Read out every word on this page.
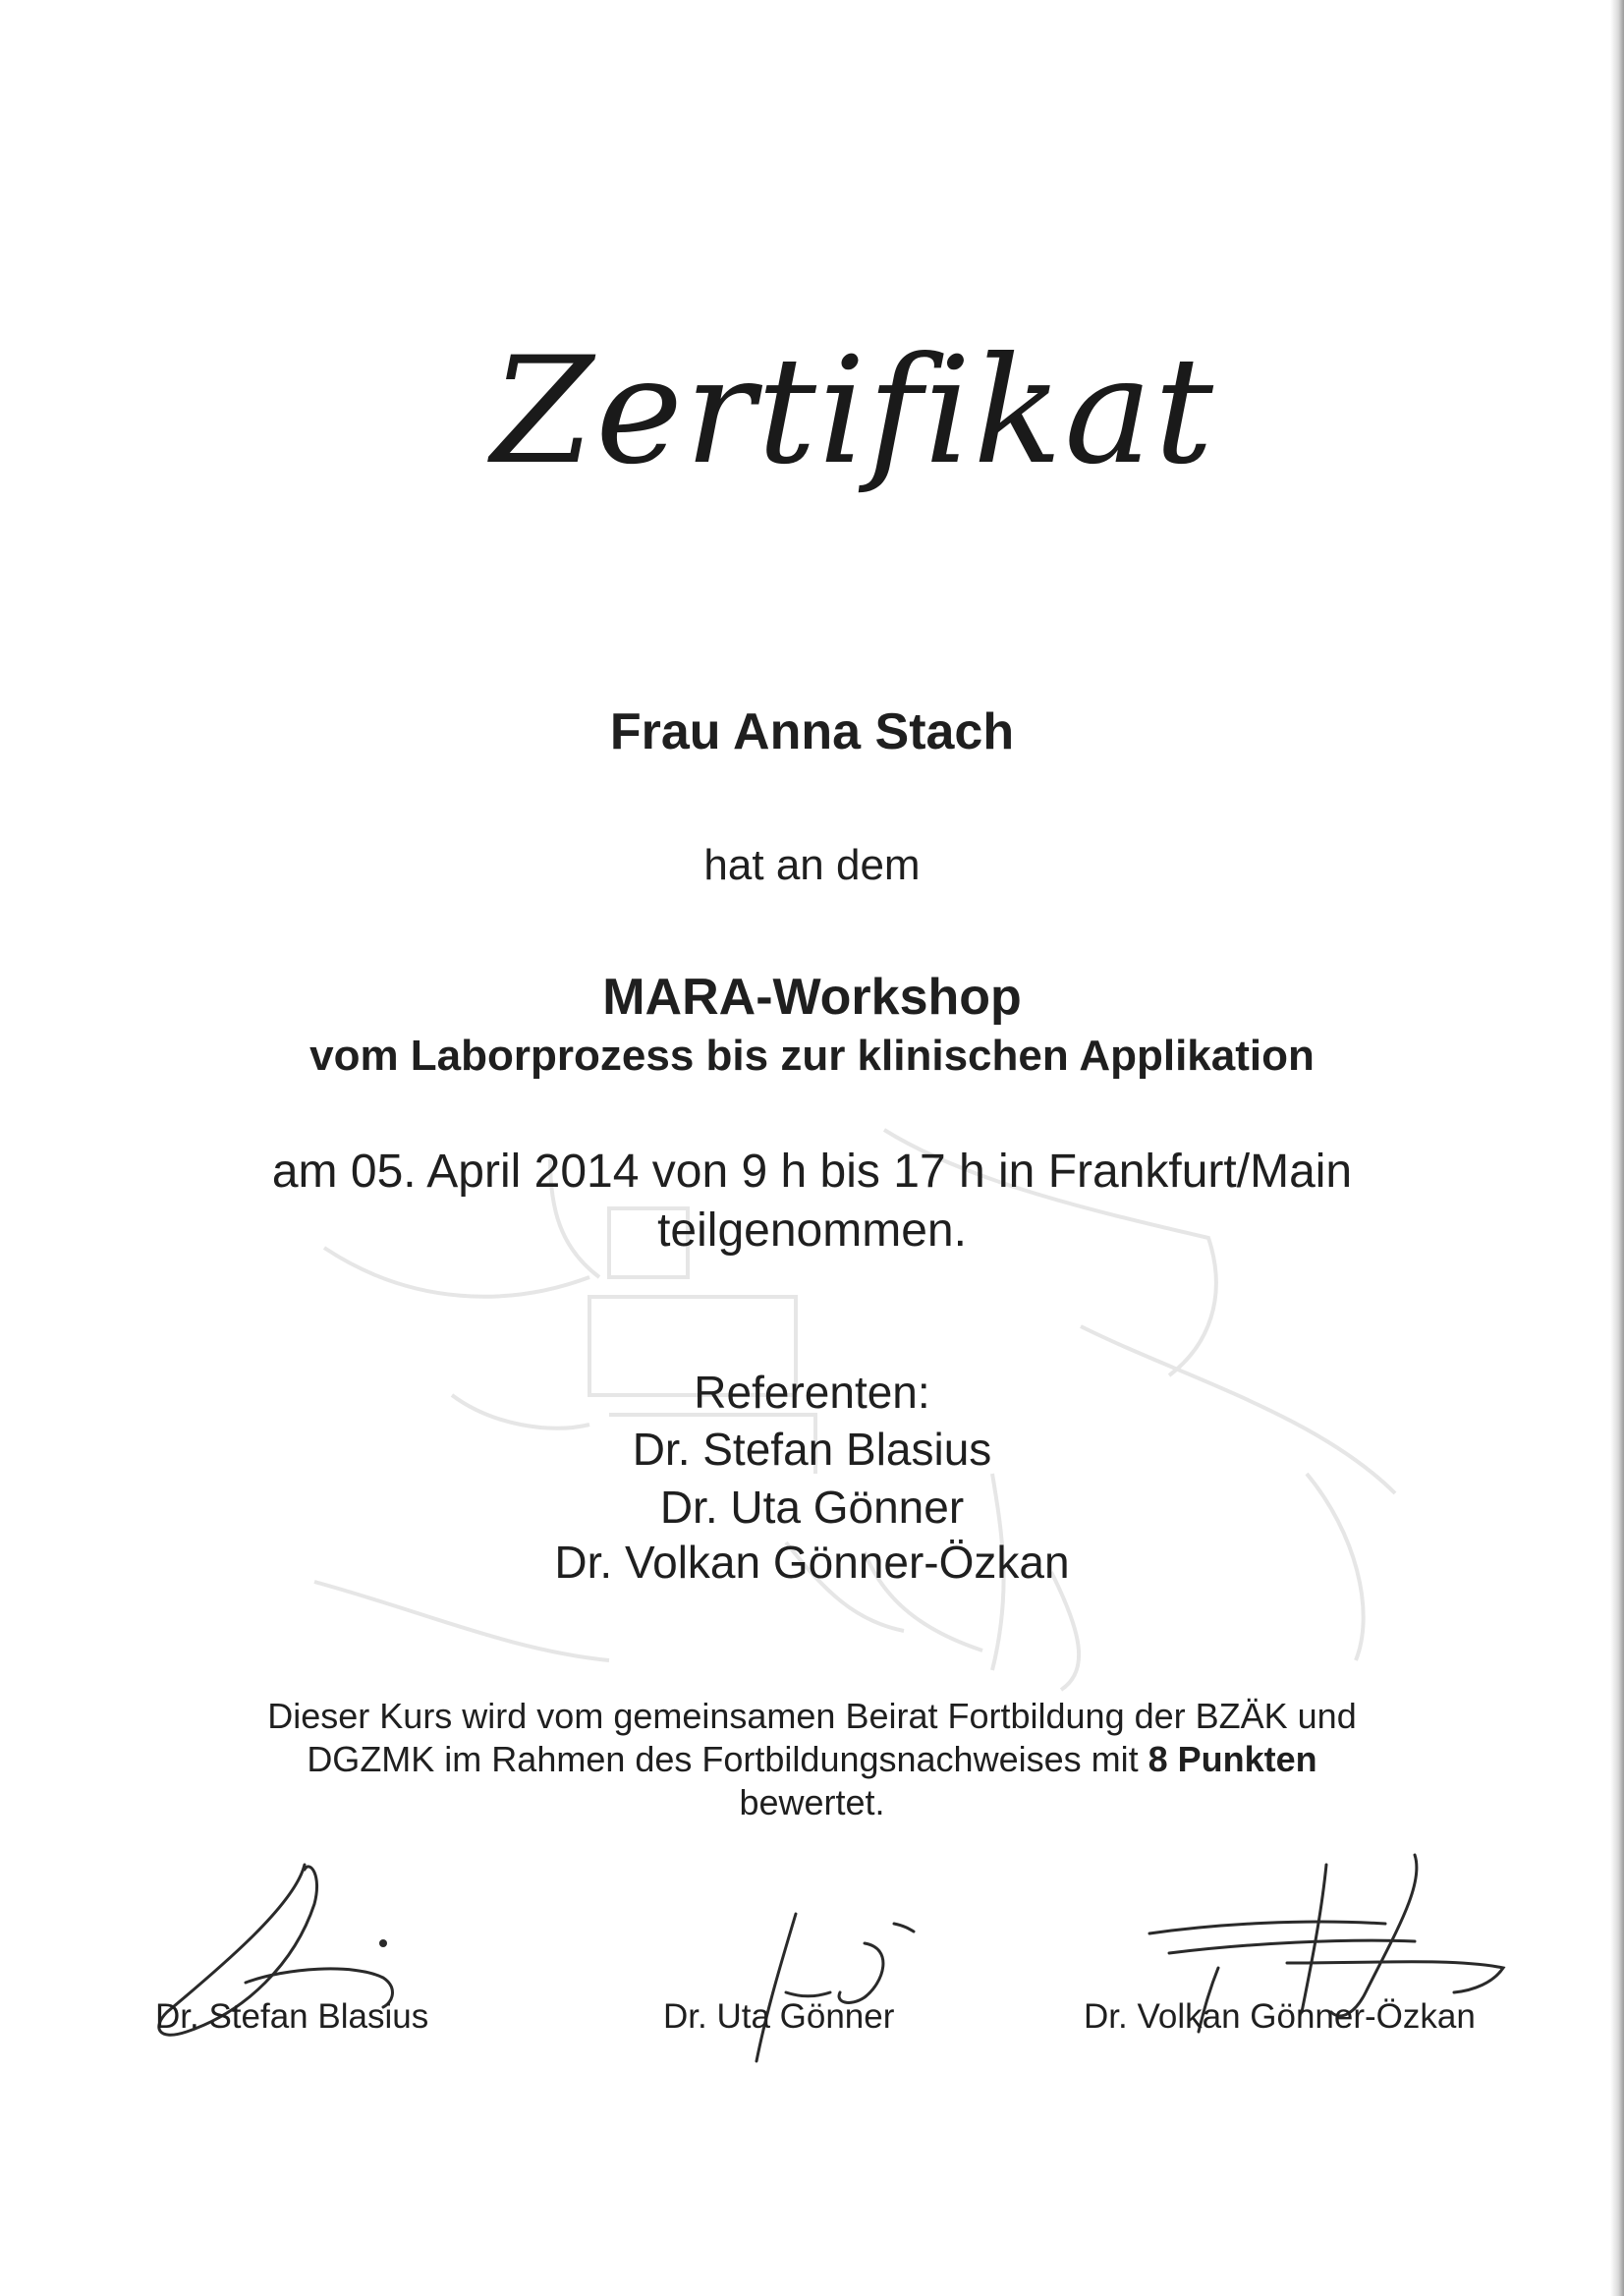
Zertifikat
Frau Anna Stach
hat an dem
MARA-Workshop
vom Laborprozess bis zur klinischen Applikation
am 05. April 2014 von 9 h bis 17 h in Frankfurt/Main
teilgenommen.
Referenten:
Dr. Stefan Blasius
Dr. Uta Gönner
Dr. Volkan Gönner-Özkan
Dieser Kurs wird vom gemeinsamen Beirat Fortbildung der BZÄK und
DGZMK im Rahmen des Fortbildungsnachweises mit 8 Punkten
bewertet.
Dr. Stefan Blasius	Dr. Uta Gönner	Dr. Volkan Gönner-Özkan
